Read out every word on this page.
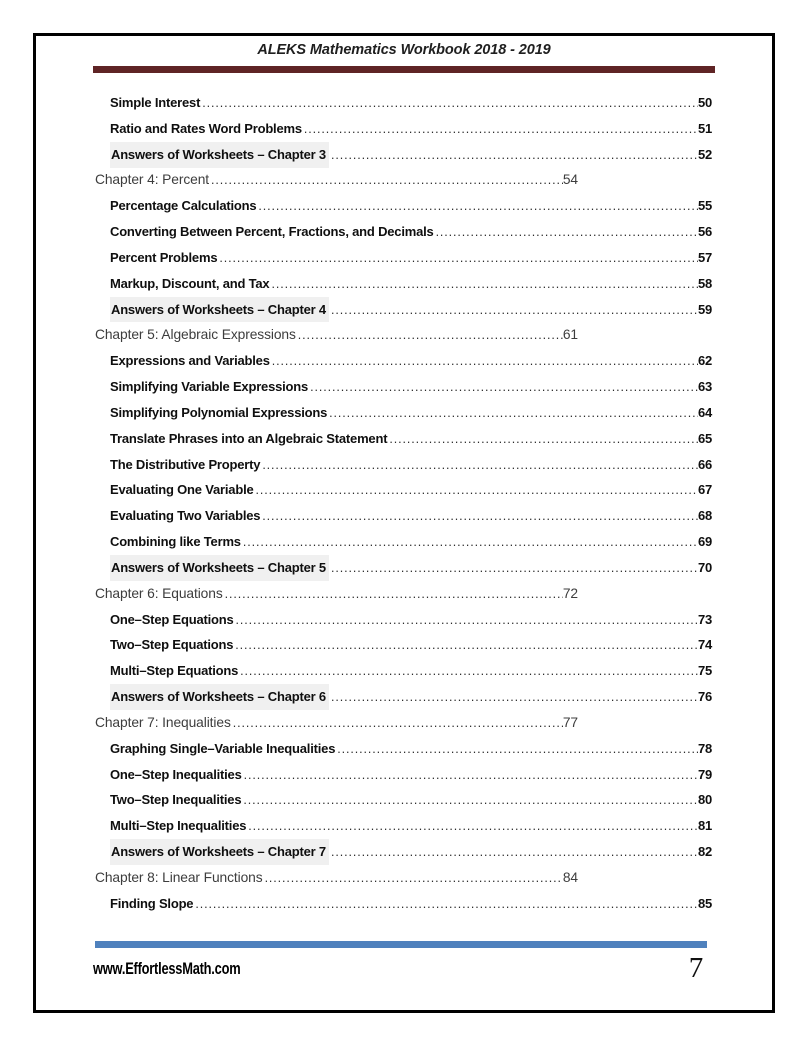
ALEKS Mathematics Workbook 2018 - 2019
Simple Interest .....	50
Ratio and Rates Word Problems .....	51
Answers of Worksheets – Chapter 3 .....	52
Chapter 4: Percent .....	54
Percentage Calculations .....	55
Converting Between Percent, Fractions, and Decimals .....	56
Percent Problems .....	57
Markup, Discount, and Tax .....	58
Answers of Worksheets – Chapter 4 .....	59
Chapter 5: Algebraic Expressions .....	61
Expressions and Variables .....	62
Simplifying Variable Expressions .....	63
Simplifying Polynomial Expressions .....	64
Translate Phrases into an Algebraic Statement .....	65
The Distributive Property .....	66
Evaluating One Variable .....	67
Evaluating Two Variables .....	68
Combining like Terms .....	69
Answers of Worksheets – Chapter 5 .....	70
Chapter 6: Equations .....	72
One–Step Equations .....	73
Two–Step Equations .....	74
Multi–Step Equations .....	75
Answers of Worksheets – Chapter 6 .....	76
Chapter 7: Inequalities .....	77
Graphing Single–Variable Inequalities .....	78
One–Step Inequalities .....	79
Two–Step Inequalities .....	80
Multi–Step Inequalities .....	81
Answers of Worksheets – Chapter 7 .....	82
Chapter 8: Linear Functions .....	84
Finding Slope .....	85
www.EffortlessMath.com	7
